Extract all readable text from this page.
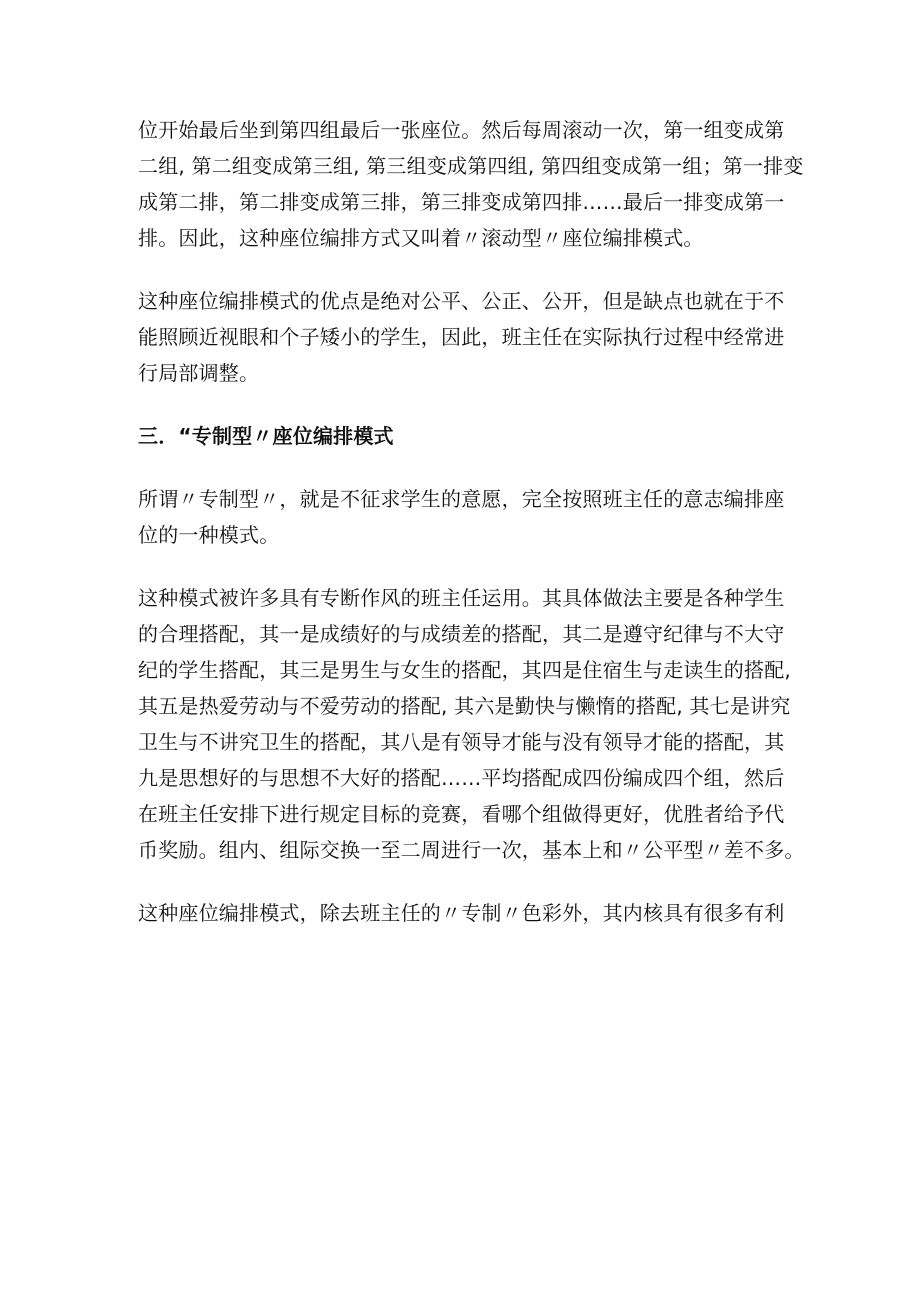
位开始最后坐到第四组最后一张座位。然后每周滚动一次，第一组变成第
二组, 第二组变成第三组, 第三组变成第四组, 第四组变成第一组；第一排变
成第二排，第二排变成第三排，第三排变成第四排……最后一排变成第一
排。因此，这种座位编排方式又叫着〃滚动型〃座位编排模式。

这种座位编排模式的优点是绝对公平、公正、公开，但是缺点也就在于不
能照顾近视眼和个子矮小的学生，因此，班主任在实际执行过程中经常进
行局部调整。

三．“专制型〃座位编排模式

所谓〃专制型〃，就是不征求学生的意愿，完全按照班主任的意志编排座
位的一种模式。

这种模式被许多具有专断作风的班主任运用。其具体做法主要是各种学生
的合理搭配，其一是成绩好的与成绩差的搭配，其二是遵守纪律与不大守
纪的学生搭配，其三是男生与女生的搭配，其四是住宿生与走读生的搭配,
其五是热爱劳动与不爱劳动的搭配, 其六是勤快与懒惰的搭配, 其七是讲究
卫生与不讲究卫生的搭配，其八是有领导才能与没有领导才能的搭配，其
九是思想好的与思想不大好的搭配……平均搭配成四份编成四个组，然后
在班主任安排下进行规定目标的竞赛，看哪个组做得更好，优胜者给予代
币奖励。组内、组际交换一至二周进行一次，基本上和〃公平型〃差不多。

这种座位编排模式，除去班主任的〃专制〃色彩外，其内核具有很多有利
